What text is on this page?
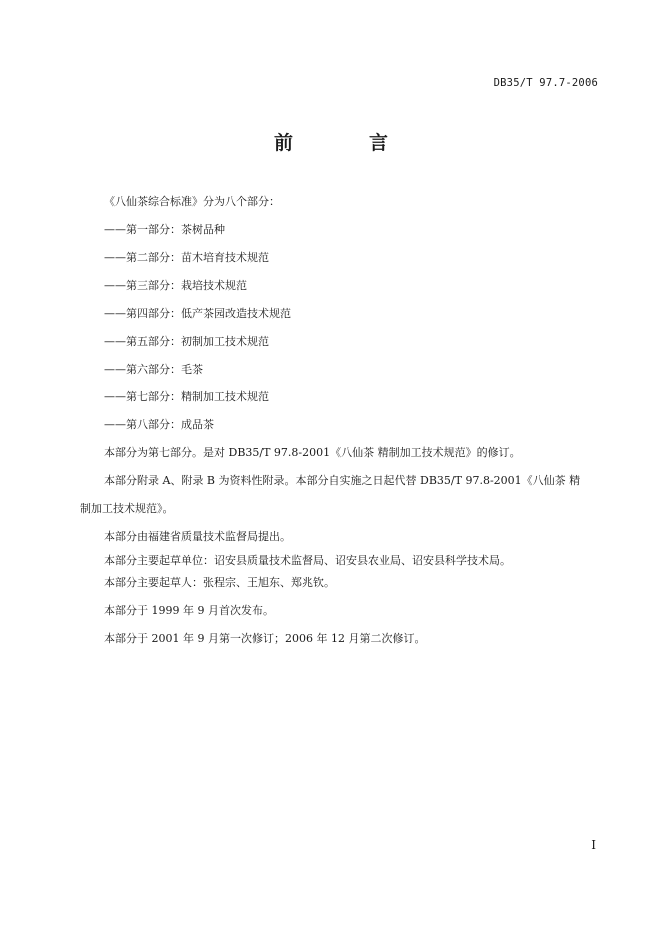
DB35/T 97.7-2006
前	言
《八仙茶综合标准》分为八个部分：
——第一部分：茶树品种
——第二部分：苗木培育技术规范
——第三部分：栽培技术规范
——第四部分：低产茶园改造技术规范
——第五部分：初制加工技术规范
——第六部分：毛茶
——第七部分：精制加工技术规范
——第八部分：成品茶
本部分为第七部分。是对 DB35/T 97.8-2001《八仙茶 精制加工技术规范》的修订。
本部分附录 A、附录 B 为资料性附录。本部分自实施之日起代替 DB35/T 97.8-2001《八仙茶 精
制加工技术规范》。
本部分由福建省质量技术监督局提出。
本部分主要起草单位：诏安县质量技术监督局、诏安县农业局、诏安县科学技术局。
本部分主要起草人：张程宗、王旭东、郑兆钦。
本部分于 1999 年 9 月首次发布。
本部分于 2001 年 9 月第一次修订；2006 年 12 月第二次修订。
I
